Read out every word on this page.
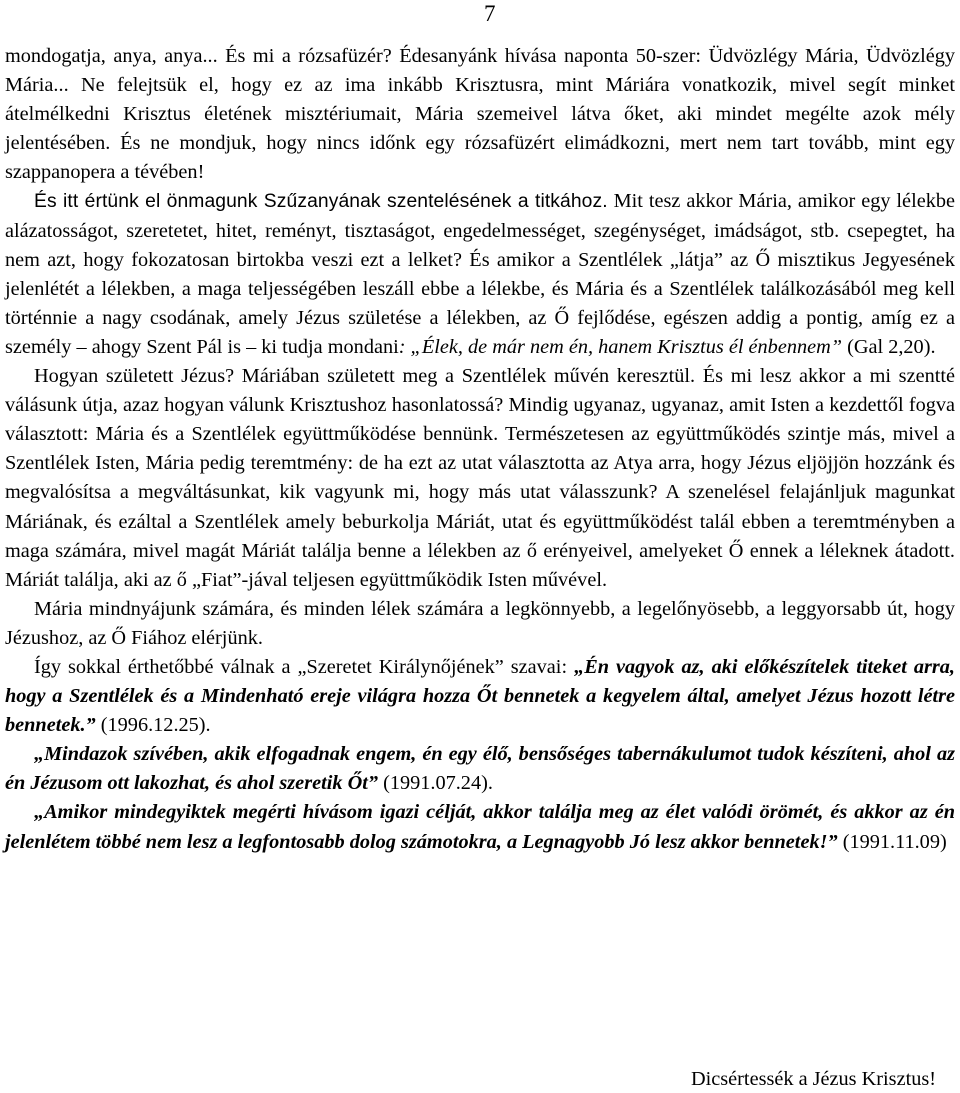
7

mondogatja, anya, anya... És mi a rózsafüzér? Édesanyánk hívása naponta 50-szer: Üdvözlégy Mária, Üdvözlégy Mária... Ne felejtsük el, hogy ez az ima inkább Krisztusra, mint Máriára vonatkozik, mivel segít minket átelmélkedni Krisztus életének misztériumait, Mária szemeivel látva őket, aki mindet megélte azok mély jelentésében. És ne mondjuk, hogy nincs időnk egy rózsafüzért elimádkozni, mert nem tart tovább, mint egy szappanopera a tévében!

És itt értünk el önmagunk Szűzanyának szentelésének a titkához. Mit tesz akkor Mária, amikor egy lélekbe alázatosságot, szeretetet, hitet, reményt, tisztaságot, engedelmességet, szegénységet, imádságot, stb. csepegtet, ha nem azt, hogy fokozatosan birtokba veszi ezt a lelket? És amikor a Szentlélek „látja” az Ő misztikus Jegyesének jelenlétét a lélekben, a maga teljességében leszáll ebbe a lélekbe, és Mária és a Szentlélek találkozásából meg kell történnie a nagy csodának, amely Jézus születése a lélekben, az Ő fejlődése, egészen addig a pontig, amíg ez a személy – ahogy Szent Pál is – ki tudja mondani: „Élek, de már nem én, hanem Krisztus él énbennem” (Gal 2,20).

Hogyan született Jézus? Máriában született meg a Szentlélek művén keresztül. És mi lesz akkor a mi szentté válásunk útja, azaz hogyan válunk Krisztushoz hasonlatossá? Mindig ugyanaz, ugyanaz, amit Isten a kezdettől fogva választott: Mária és a Szentlélek együttműködése bennünk. Természetesen az együttműködés szintje más, mivel a Szentlélek Isten, Mária pedig teremtmény: de ha ezt az utat választotta az Atya arra, hogy Jézus eljöjjön hozzánk és megvalósítsa a megváltásunkat, kik vagyunk mi, hogy más utat válasszunk? A szenelésel felajánljuk magunkat Máriának, és ezáltal a Szentlélek amely beburkolja Máriát, utat és együttműködést talál ebben a teremtményben a maga számára, mivel magát Máriát találja benne a lélekben az ő erényeivel, amelyeket Ő ennek a léleknek átadott. Máriát találja, aki az ő „Fiat”-jával teljesen együttműködik Isten művével.

Mária mindnyájunk számára, és minden lélek számára a legkönnyebb, a legelőnyösebb, a leggyorsabb út, hogy Jézushoz, az Ő Fiához elérjünk.

Így sokkal érthetőbbé válnak a „Szeretet Királynőjének” szavai: „Én vagyok az, aki előkészítelek titeket arra, hogy a Szentlélek és a Mindenható ereje világra hozza Őt bennetek a kegyelem által, amelyet Jézus hozott létre bennetek.” (1996.12.25).

„Mindazok szívében, akik elfogadnak engem, én egy élő, bensőséges tabernákulumot tudok készíteni, ahol az én Jézusom ott lakozhat, és ahol szeretik Őt” (1991.07.24).

„Amikor mindegyiktek megérti hívásom igazi célját, akkor találja meg az élet valódi örömét, és akkor az én jelenlétem többé nem lesz a legfontosabb dolog számotokra, a Legnagyobb Jó lesz akkor bennetek!” (1991.11.09)

Dicsértessék a Jézus Krisztus!
